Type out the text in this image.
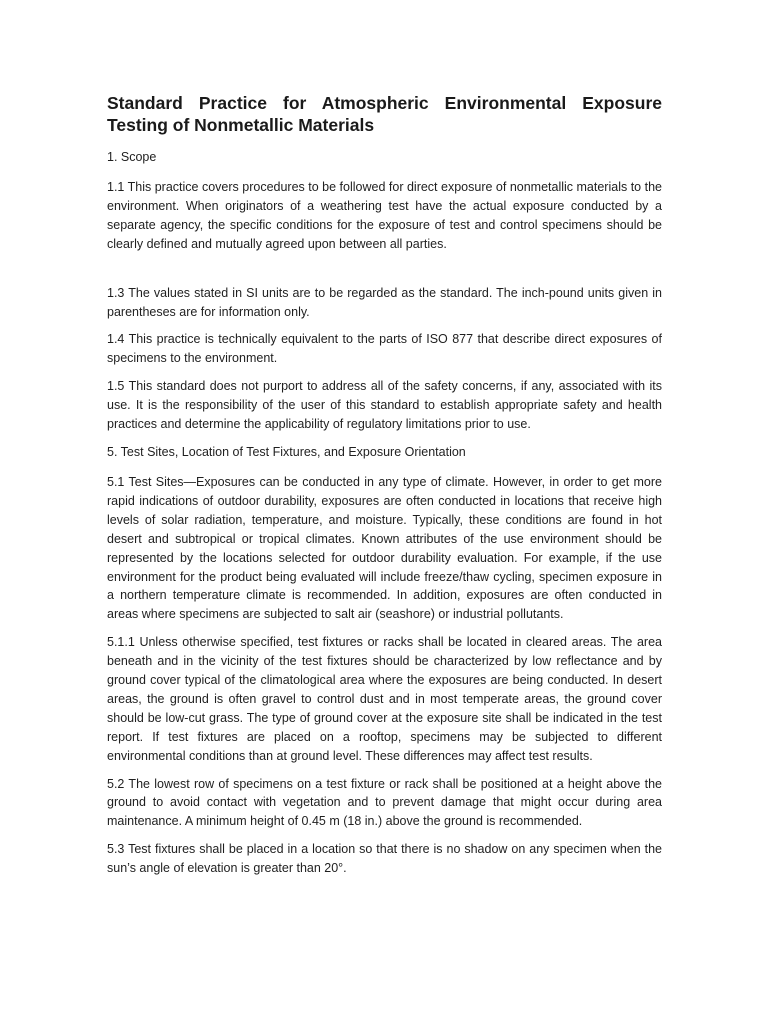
Standard Practice for Atmospheric Environmental Exposure Testing of Nonmetallic Materials
1. Scope

1.1 This practice covers procedures to be followed for direct exposure of nonmetallic materials to the environment. When originators of a weathering test have the actual exposure conducted by a separate agency, the specific conditions for the exposure of test and control specimens should be clearly defined and mutually agreed upon between all parties.

1.3 The values stated in SI units are to be regarded as the standard. The inch-pound units given in parentheses are for information only.

1.4 This practice is technically equivalent to the parts of ISO 877 that describe direct exposures of specimens to the environment.

1.5 This standard does not purport to address all of the safety concerns, if any, associated with its use. It is the responsibility of the user of this standard to establish appropriate safety and health practices and determine the applicability of regulatory limitations prior to use.

5. Test Sites, Location of Test Fixtures, and Exposure Orientation

5.1 Test Sites—Exposures can be conducted in any type of climate. However, in order to get more rapid indications of outdoor durability, exposures are often conducted in locations that receive high levels of solar radiation, temperature, and moisture. Typically, these conditions are found in hot desert and subtropical or tropical climates. Known attributes of the use environment should be represented by the locations selected for outdoor durability evaluation. For example, if the use environment for the product being evaluated will include freeze/thaw cycling, specimen exposure in a northern temperature climate is recommended. In addition, exposures are often conducted in areas where specimens are subjected to salt air (seashore) or industrial pollutants.

5.1.1 Unless otherwise specified, test fixtures or racks shall be located in cleared areas. The area beneath and in the vicinity of the test fixtures should be characterized by low reflectance and by ground cover typical of the climatological area where the exposures are being conducted. In desert areas, the ground is often gravel to control dust and in most temperate areas, the ground cover should be low-cut grass. The type of ground cover at the exposure site shall be indicated in the test report. If test fixtures are placed on a rooftop, specimens may be subjected to different environmental conditions than at ground level. These differences may affect test results.

5.2 The lowest row of specimens on a test fixture or rack shall be positioned at a height above the ground to avoid contact with vegetation and to prevent damage that might occur during area maintenance. A minimum height of 0.45 m (18 in.) above the ground is recommended.

5.3 Test fixtures shall be placed in a location so that there is no shadow on any specimen when the sun’s angle of elevation is greater than 20°.
